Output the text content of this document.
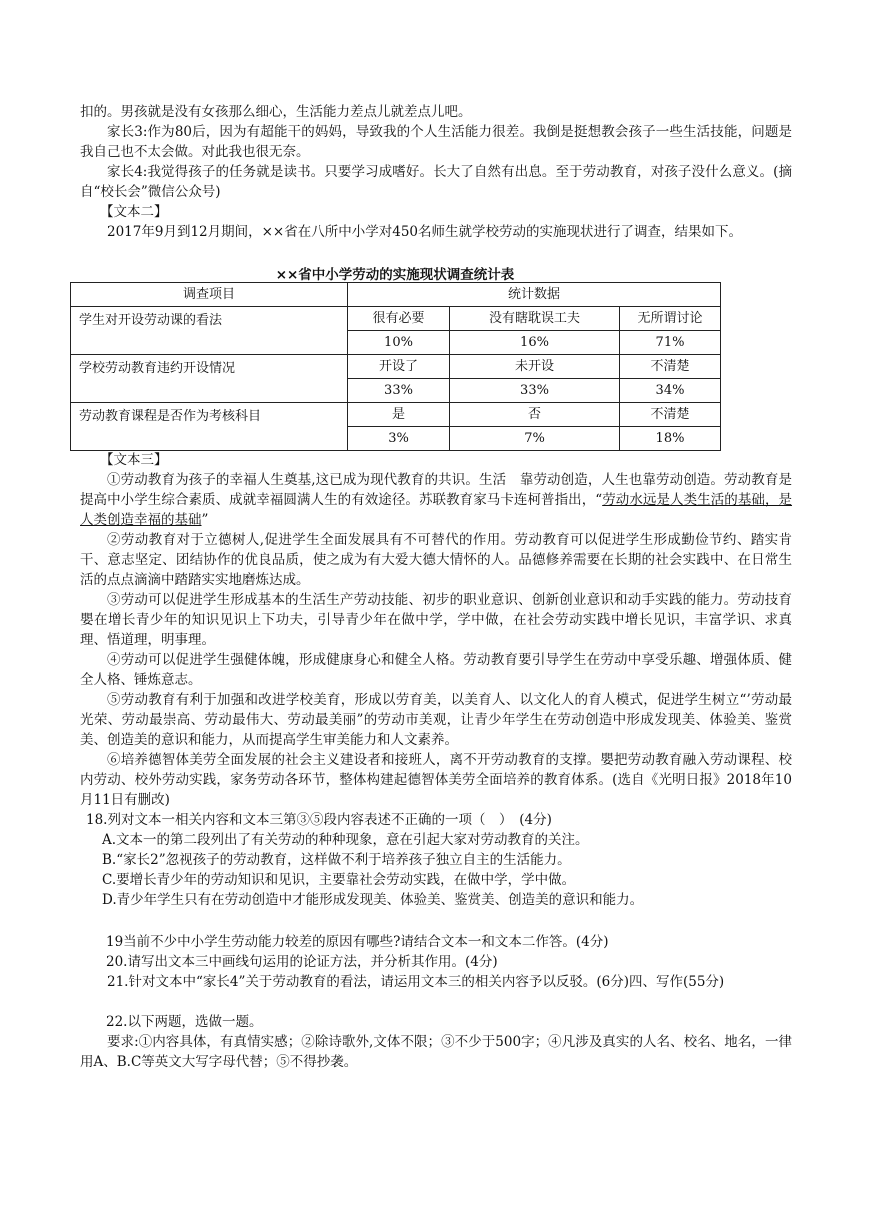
扣的。男孩就是没有女孩那么细心，生活能力差点儿就差点儿吧。

家长3:作为80后，因为有超能干的妈妈，导致我的个人生活能力很差。我倒是挺想教会孩子一些生活技能，问题是我自己也不太会做。对此我也很无奈。

家长4:我觉得孩子的任务就是读书。只要学习成嗜好。长大了自然有出息。至于劳动教育，对孩子没什么意义。(摘自“校长会”微信公众号)

【文本二】

2017年9月到12月期间，××省在八所中小学对450名师生就学校劳动的实施现状进行了调查，结果如下。

××省中小学劳动的实施现状调查统计表
调查项目	统计数据		
学生对开设劳动课的看法	很有必要	没有瞎耽误工夫	无所谓讨论
	10%	16%	71%
学校劳动教育违约开设情况	开设了	未开设	不清楚
	33%	33%	34%
劳动教育课程是否作为考核科目	是	否	不清楚
	3%	7%	18%

【文本三】

①劳动教育为孩子的幸福人生奠基,这已成为现代教育的共识。生活　靠劳动创造，人生也靠劳动创造。劳动教育是提高中小学生综合素质、成就幸福圆满人生的有效途径。苏联教育家马卡连柯普指出，“劳动水远是人类生活的基础，是人类创造幸福的基础”

②劳动教育对于立德树人,促进学生全面发展具有不可替代的作用。劳动教育可以促进学生形成勤俭节约、踏实肯干、意志坚定、团结协作的优良品质，使之成为有大爱大德大情怀的人。品德修养需要在长期的社会实践中、在日常生活的点点滴滴中踏踏实实地磨炼达成。

③劳动可以促进学生形成基本的生活生产劳动技能、初步的职业意识、创新创业意识和动手实践的能力。劳动技育嬰在增长青少年的知识见识上下功夫，引导青少年在做中学，学中做，在社会劳动实践中增长见识，丰富学识、求真理、悟道理，明事理。

④劳动可以促进学生强健体魄，形成健康身心和健全人格。劳动教育要引导学生在劳动中享受乐趣、增强体质、健全人格、锤炼意志。

⑤劳动教育有利于加强和改进学校美育，形成以劳育美，以美育人、以文化人的育人模式，促进学生树立“’劳动最光荣、劳动最崇高、劳动最伟大、劳动最美丽”的劳动市美观，让青少年学生在劳动创造中形成发现美、体验美、鉴赏美、创造美的意识和能力，从而提高学生审美能力和人文素养。

⑥培养德智体美劳全面发展的社会主义建设者和接班人，离不开劳动教育的支撑。嬰把劳动教育融入劳动课程、校内劳动、校外劳动实践，家务劳动各环节，整体构建起德智体美劳全面培养的教育体系。(选自《光明日报》2018年10月11日有删改)

18.列对文本一相关内容和文本三第③⑤段内容表述不正确的一项（　）　(4分)

A.文本一的第二段列出了有关劳动的种种现象，意在引起大家对劳动教育的关注。

B.“家长2”忽视孩子的劳动教育，这样做不利于培养孩子独立自主的生活能力。

C.要增长青少年的劳动知识和见识，主要靠社会劳动实践，在做中学，学中做。

D.青少年学生只有在劳动创造中才能形成发现美、体验美、鉴赏美、创造美的意识和能力。

19当前不少中小学生劳动能力较差的原因有哪些?请结合文本一和文本二作答。(4分)

20.请写出文本三中画线句运用的论证方法，并分析其作用。(4分)

21.针对文本中“家长4”关于劳动教育的看法，请运用文本三的相关内容予以反驳。(6分)四、写作(55分)

22.以下两题，选做一题。

要求:①内容具体，有真情实感；②除诗歌外,文体不限；③不少于500字；④凡涉及真实的人名、校名、地名，一律用A、B.C等英文大写字母代替；⑤不得抄袭。
